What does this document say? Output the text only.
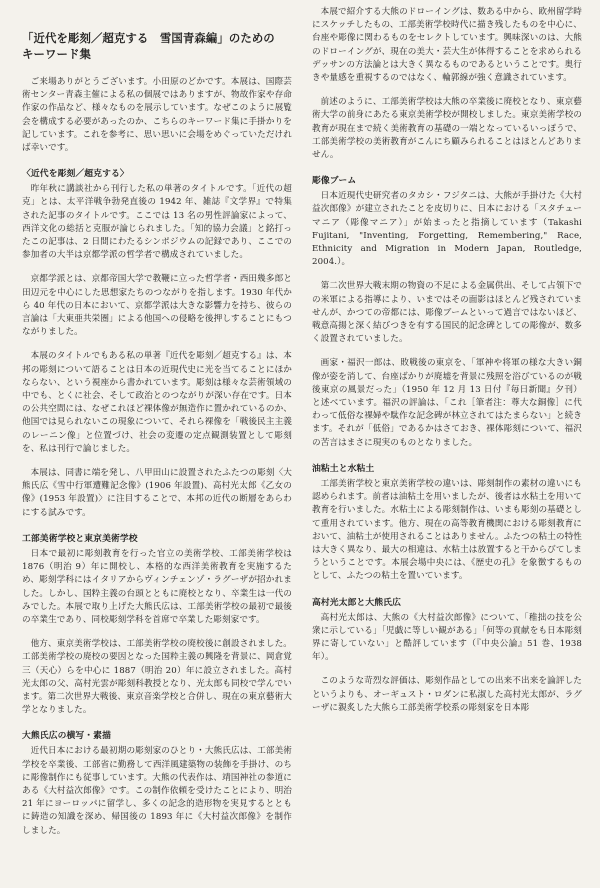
「近代を彫刻／超克する　雪国青森編」のための
キーワード集

ご来場ありがとうございます。小田原のどかです。本展は、国際芸術センター青森主催による私の個展ではありますが、物故作家や存命作家の作品など、様々なものを展示しています。なぜこのように展覧会を構成する必要があったのか、こちらのキーワード集に手掛かりを記しています。これを参考に、思い思いに会場をめぐっていただければ幸いです。

〈近代を彫刻／超克する〉

昨年秋に講談社から刊行した私の単著のタイトルです。「近代の超克」とは、太平洋戦争勃発直後の 1942 年、雑誌『文学界』で特集された記事のタイトルです。ここでは 13 名の男性評論家によって、西洋文化の総括と克服が論じられました。「知的協力会議」と銘打ったこの記事は、2 日間にわたるシンポジウムの記録であり、ここでの参加者の大半は京都学派の哲学者で構成されていました。

京都学派とは、京都帝国大学で教鞭に立った哲学者・西田幾多郎と田辺元を中心にした思想家たちのつながりを指します。1930 年代から 40 年代の日本において、京都学派は大きな影響力を持ち、彼らの言論は「大東亜共栄圏」による他国への侵略を後押しすることにもつながりました。

本展のタイトルでもある私の単著『近代を彫刻／超克する』は、本邦の彫刻について語ることは日本の近現代史に光を当てることにほかならない、という視座から書かれています。彫刻は様々な芸術領域の中でも、とくに社会、そして政治とのつながりが深い存在です。日本の公共空間には、なぜこれほど裸体像が無造作に置かれているのか、他国では見られないこの現象について、それら裸像を「戦後民主主義のレーニン像」と位置づけ、社会の変遷の定点観測装置として彫刻を、私は刊行で論じました。

本展は、同書に端を発し、八甲田山に設置されたふたつの彫刻〈大熊氏広《雪中行軍遭難記念像》(1906 年設置)、高村光太郎《乙女の像》(1953 年設置)〉に注目することで、本邦の近代の断層をあらわにする試みです。

工部美術学校と東京美術学校

日本で最初に彫刻教育を行った官立の美術学校、工部美術学校は 1876（明治 9）年に開校し、本格的な西洋美術教育を実施するため、彫刻学科にはイタリアからヴィンチェンゾ・ラグーザが招かれました。しかし、国粋主義の台頭とともに廃校となり、卒業生は一代のみでした。本展で取り上げた大熊氏広は、工部美術学校の最初で最後の卒業生であり、同校彫刻学科を首席で卒業した彫刻家です。

他方、東京美術学校は、工部美術学校の廃校後に創設されました。工部美術学校の廃校の要因となった国粋主義の興隆を背景に、岡倉覚三（天心）らを中心に 1887（明治 20）年に設立されました。高村光太郎の父、高村光雲が彫刻科教授となり、光太郎も同校で学んでいます。第二次世界大戦後、東京音楽学校と合併し、現在の東京藝術大学となりました。

大熊氏広の横写・素描

近代日本における最初期の彫刻家のひとり・大熊氏広は、工部美術学校を卒業後、工部省に勤務して西洋風建築物の装飾を手掛け、のちに彫像制作にも従事しています。大熊の代表作は、靖国神社の参道にある《大村益次郎像》です。この制作依頼を受けたことにより、明治 21 年にヨーロッパに留学し、多くの記念的造形物を実見するとともに鋳造の知識を深め、帰国後の 1893 年に《大村益次郎像》を制作しました。

本展で紹介する大熊のドローイングは、数ある中から、欧州留学時にスケッチしたもの、工部美術学校時代に描き残したものを中心に、台座や彫像に関わるものをセレクトしています。興味深いのは、大熊のドローイングが、現在の美大・芸大生が体得することを求められるデッサンの方法論とは大きく異なるものであるということです。奥行きや量感を重視するのではなく、輪郭線が強く意識されています。

前述のように、工部美術学校は大熊の卒業後に廃校となり、東京藝術大学の前身にあたる東京美術学校が開校しました。東京美術学校の教育が現在まで続く美術教育の基礎の一端となっているいっぽうで、工部美術学校の美術教育がこんにち顧みられることはほとんどありません。

彫像ブーム

日本近現代史研究者のタカシ・フジタニは、大熊が手掛けた《大村益次郎像》が建立されたことを皮切りに、日本における「スタチューマニア（彫像マニア）」が始まったと指摘しています（Takashi Fujitani, "Inventing, Forgetting, Remembering," Race, Ethnicity and Migration in Modern Japan, Routledge, 2004.）。

第二次世界大戦末期の物資の不足による金属供出、そして占領下での米軍による指導により、いまではその面影はほとんど残されていませんが、かつての帝都には、彫像ブームといって過言ではないほど、戦意高揚と深く結びつきを有する国民的記念碑としての彫像が、数多く設置されていました。

画家・福沢一郎は、敗戦後の東京を、「軍神や将軍の様な大きい銅像が姿を消して、台座ばかりが廃墟を背景に残照を浴びているのが戦後東京の風景だった」（1950 年 12 月 13 日付『毎日新聞』夕刊）と述べています。福沢の評論は、「これ［筆者注：尊大な銅像］に代わって低俗な裸婦や駄作な記念碑が林立されてはたまらない」と続きます。それが「低俗」であるかはさておき、裸体彫刻について、福沢の苦言はまさに現実のものとなりました。

油粘土と水粘土

工部美術学校と東京美術学校の違いは、彫刻制作の素材の違いにも認められます。前者は油粘土を用いましたが、後者は水粘土を用いて教育を行いました。水粘土による彫刻制作は、いまも彫刻の基礎として重用されています。他方、現在の高等教育機関における彫刻教育において、油粘土が使用されることはありません。ふたつの粘土の特性は大きく異なり、最大の相違は、水粘土は放置すると干からびてしまうということです。本展会場中央には、《歴史の孔》を象徴するものとして、ふたつの粘土を置いています。

高村光太郎と大熊氏広

高村光太郎は、大熊の《大村益次郎像》について、「稚拙の技を公衆に示している」「児戯に等しい観がある」「何等の貢献をも日本彫刻界に寄していない」と酷評しています（『中央公論』51 巻、1938 年）。

このような苛烈な評価は、彫刻作品としての出来不出来を論評したというよりも、オーギュスト・ロダンに私淑した高村光太郎が、ラグーザに親炙した大熊ら工部美術学校系の彫刻家を日本彫
